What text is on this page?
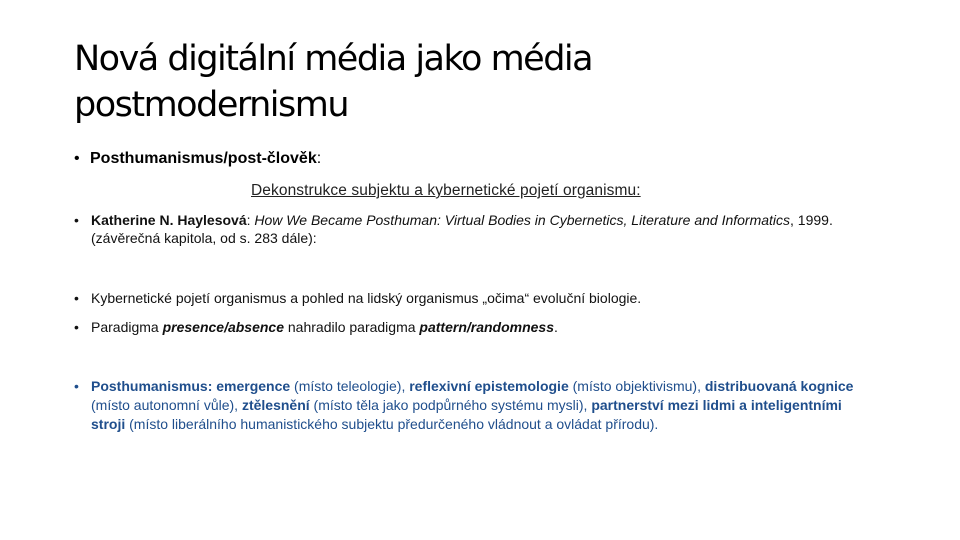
Nová digitální média jako média
postmodernismu
• Posthumanismus/post-člověk:
Dekonstrukce subjektu a kybernetické pojetí organismu:
• Katherine N. Haylesová: How We Became Posthuman: Virtual Bodies in Cybernetics, Literature and Informatics, 1999.(závěrečná kapitola, od s. 283 dále):
• Kybernetické pojetí organismus a pohled na lidský organismus „očima“ evoluční biologie.
• Paradigma presence/absence nahradilo paradigma pattern/randomness.
• Posthumanismus: emergence (místo teleologie), reflexivní epistemologie (místo objektivismu), distribuovaná kognice (místo autonomní vůle), ztělesnění (místo těla jako podpůrného systému mysli), partnerství mezi lidmi a inteligentními stroji (místo liberálního humanistického subjektu předurčeného vládnout a ovládat přírodu).
